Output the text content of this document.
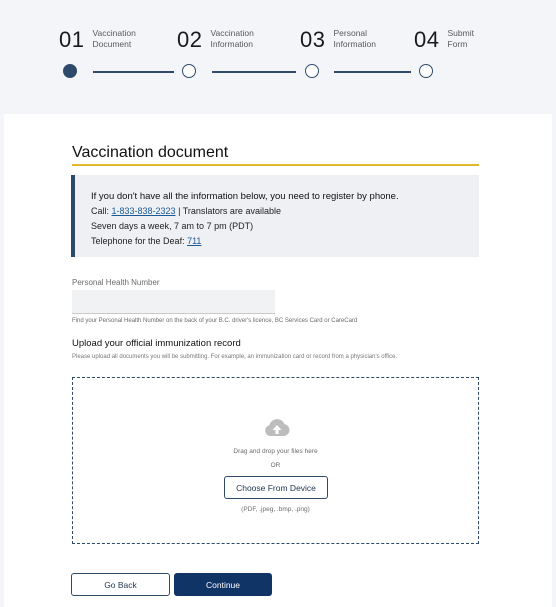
01 Vaccination
Document	02 Vaccination
Information	03 Personal
Information	04 Submit
Form
Vaccination document
If you don't have all the information below, you need to register by phone.
Call: 1-833-838-2323 | Translators are available
Seven days a week, 7 am to 7 pm (PDT)
Telephone for the Deaf: 711
Personal Health Number
Find your Personal Health Number on the back of your B.C. driver's licence, BC Services Card or CareCard
Upload your official immunization record
Please upload all documents you will be submitting. For example, an immunization card or record from a physician's office.
Drag and drop your files here
OR
Choose From Device
(PDF, .jpeg, .bmp, .png)
Go Back	Continue
